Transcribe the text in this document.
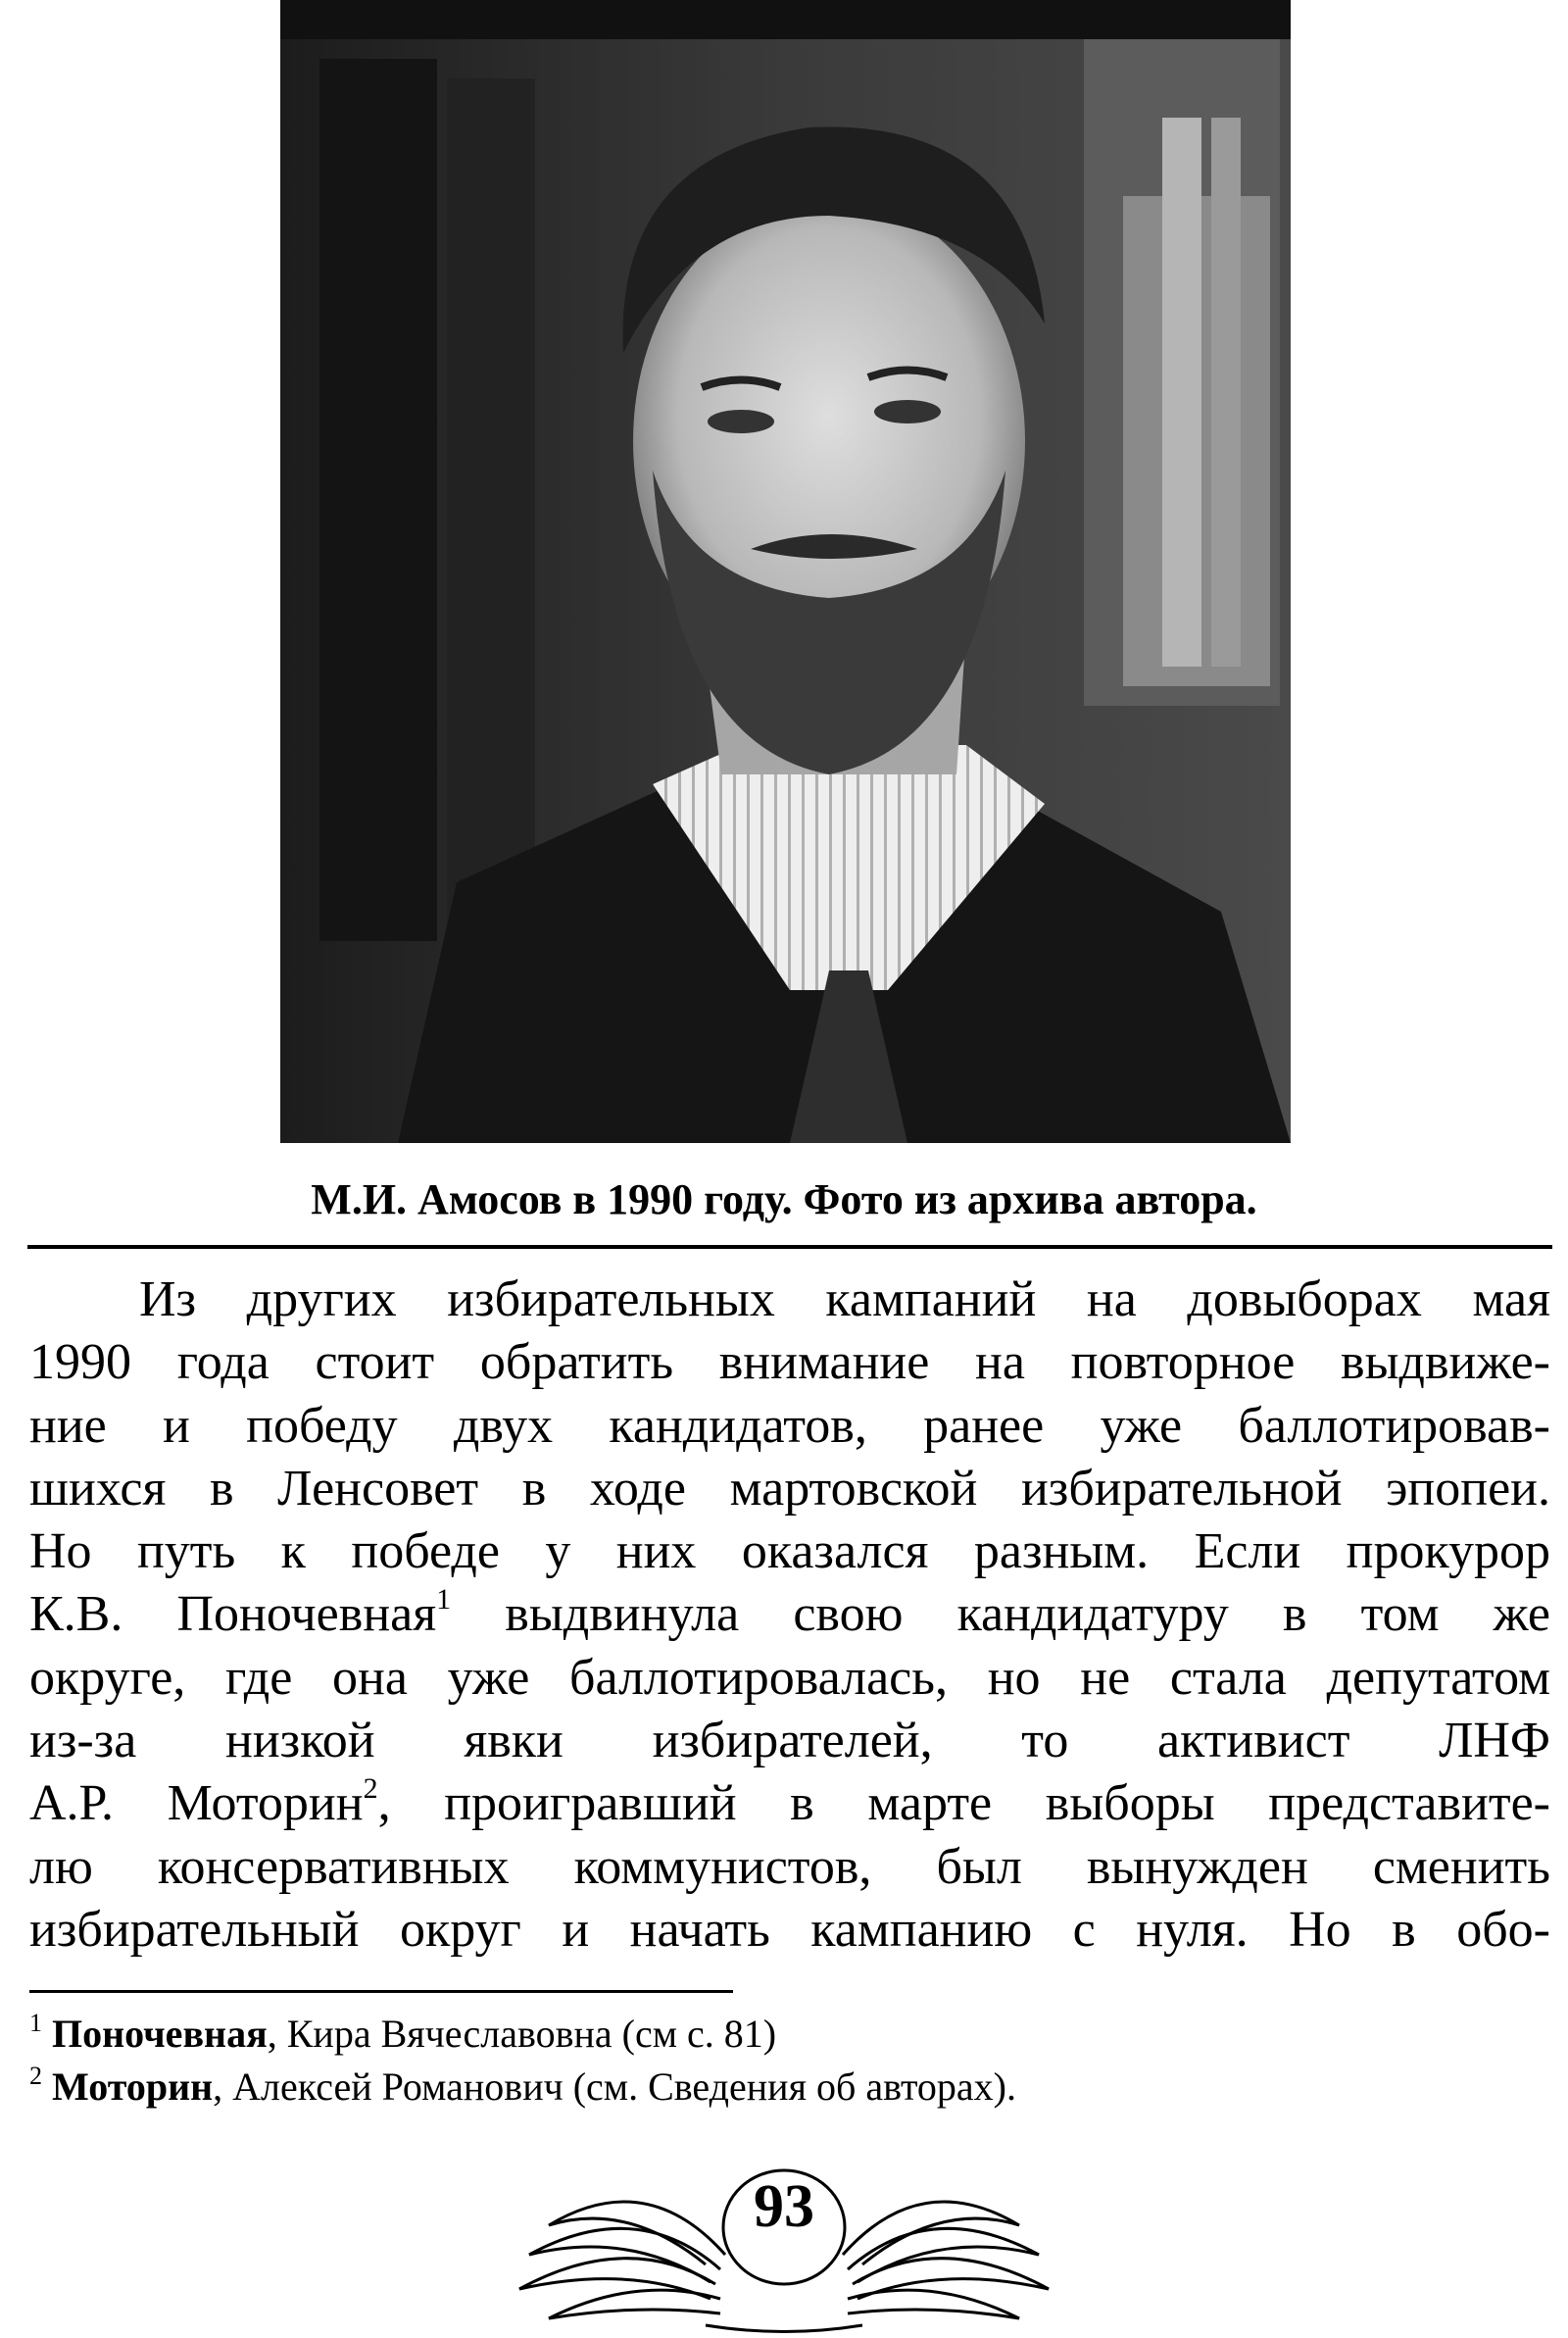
М.И. Амосов в 1990 году. Фото из архива автора.
Из других избирательных кампаний на довыборах мая
1990 года стоит обратить внимание на повторное выдвиже-
ние и победу двух кандидатов, ранее уже баллотировав-
шихся в Ленсовет в ходе мартовской избирательной эпопеи.
Но путь к победе у них оказался разным. Если прокурор
К.В. Поночевная$^1$ выдвинула свою кандидатуру в том же
округе, где она уже баллотировалась, но не стала депутатом
из-за низкой явки избирателей, то активист ЛНФ
А.Р. Моторин$^2$, проигравший в марте выборы представите-
лю консервативных коммунистов, был вынужден сменить
избирательный округ и начать кампанию с нуля. Но в обо-
$^1$ Поночевная, Кира Вячеславовна (см с. 81)
$^2$ Моторин, Алексей Романович (см. Сведения об авторах).
93
